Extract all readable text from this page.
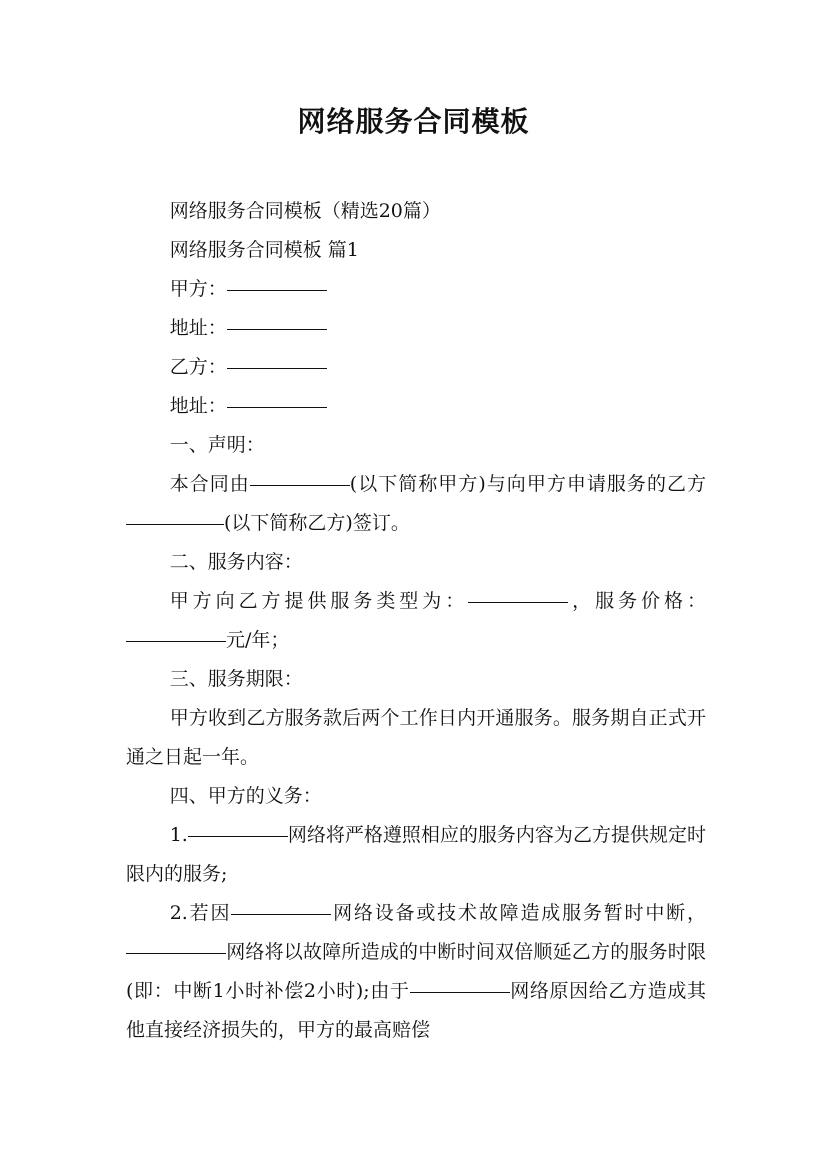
网络服务合同模板

网络服务合同模板（精选20篇）

网络服务合同模板 篇1

甲方：

地址：

乙方：

地址：

一、声明：

本合同由	(以下简称甲方)与向甲方申请服务的乙方(以下简称乙方)签订。

二、服务内容：

甲方向乙方提供服务类型为：	，服务价格：元/年；

三、服务期限：

甲方收到乙方服务款后两个工作日内开通服务。服务期自正式开通之日起一年。

四、甲方的义务：

1.	网络将严格遵照相应的服务内容为乙方提供规定时限内的服务;

2.若因	网络设备或技术故障造成服务暂时中断，网络将以故障所造成的中断时间双倍顺延乙方的服务时限(即：中断1小时补偿2小时);由于	网络原因给乙方造成其他直接经济损失的，甲方的最高赔偿
